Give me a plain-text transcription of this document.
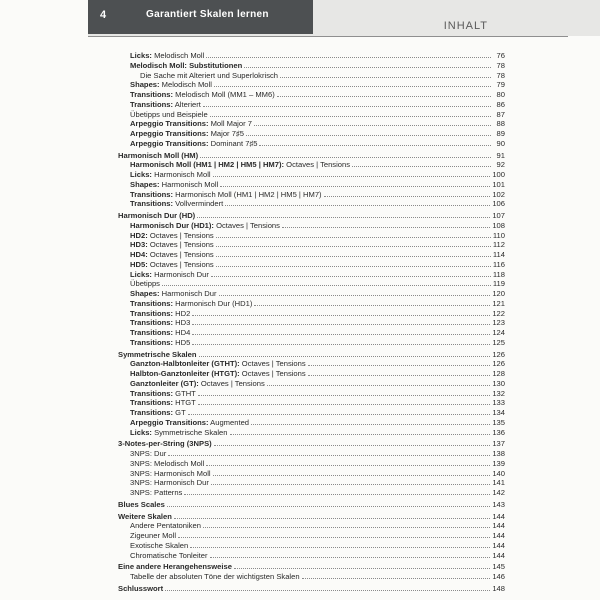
4	Garantiert Skalen lernen
INHALT
Licks: Melodisch Moll	76
Melodisch Moll: Substitutionen	78
Die Sache mit Alteriert und Superlokrisch	78
Shapes: Melodisch Moll	79
Transitions: Melodisch Moll (MM1 – MM6)	80
Transitions: Alteriert	86
Übetipps und Beispiele	87
Arpeggio Transitions: Moll Major 7	88
Arpeggio Transitions: Major 7♯5	89
Arpeggio Transitions: Dominant 7♯5	90
Harmonisch Moll (HM)	91
Harmonisch Moll (HM1 | HM2 | HM5 | HM7): Octaves | Tensions	92
Licks: Harmonisch Moll	100
Shapes: Harmonisch Moll	101
Transitions: Harmonisch Moll (HM1 | HM2 | HM5 | HM7)	102
Transitions: Vollvermindert	106
Harmonisch Dur (HD)	107
Harmonisch Dur (HD1): Octaves | Tensions	108
HD2: Octaves | Tensions	110
HD3: Octaves | Tensions	112
HD4: Octaves | Tensions	114
HD5: Octaves | Tensions	116
Licks: Harmonisch Dur	118
Übetipps	119
Shapes: Harmonisch Dur	120
Transitions: Harmonisch Dur (HD1)	121
Transitions: HD2	122
Transitions: HD3	123
Transitions: HD4	124
Transitions: HD5	125
Symmetrische Skalen	126
Ganzton-Halbtonleiter (GTHT): Octaves | Tensions	126
Halbton-Ganztonleiter (HTGT): Octaves | Tensions	128
Ganztonleiter (GT): Octaves | Tensions	130
Transitions: GTHT	132
Transitions: HTGT	133
Transitions: GT	134
Arpeggio Transitions: Augmented	135
Licks: Symmetrische Skalen	136
3-Notes-per-String (3NPS)	137
3NPS: Dur	138
3NPS: Melodisch Moll	139
3NPS: Harmonisch Moll	140
3NPS: Harmonisch Dur	141
3NPS: Patterns	142
Blues Scales	143
Weitere Skalen	144
Andere Pentatoniken	144
Zigeuner Moll	144
Exotische Skalen	144
Chromatische Tonleiter	144
Eine andere Herangehensweise	145
Tabelle der absoluten Töne der wichtigsten Skalen	146
Schlusswort	148
